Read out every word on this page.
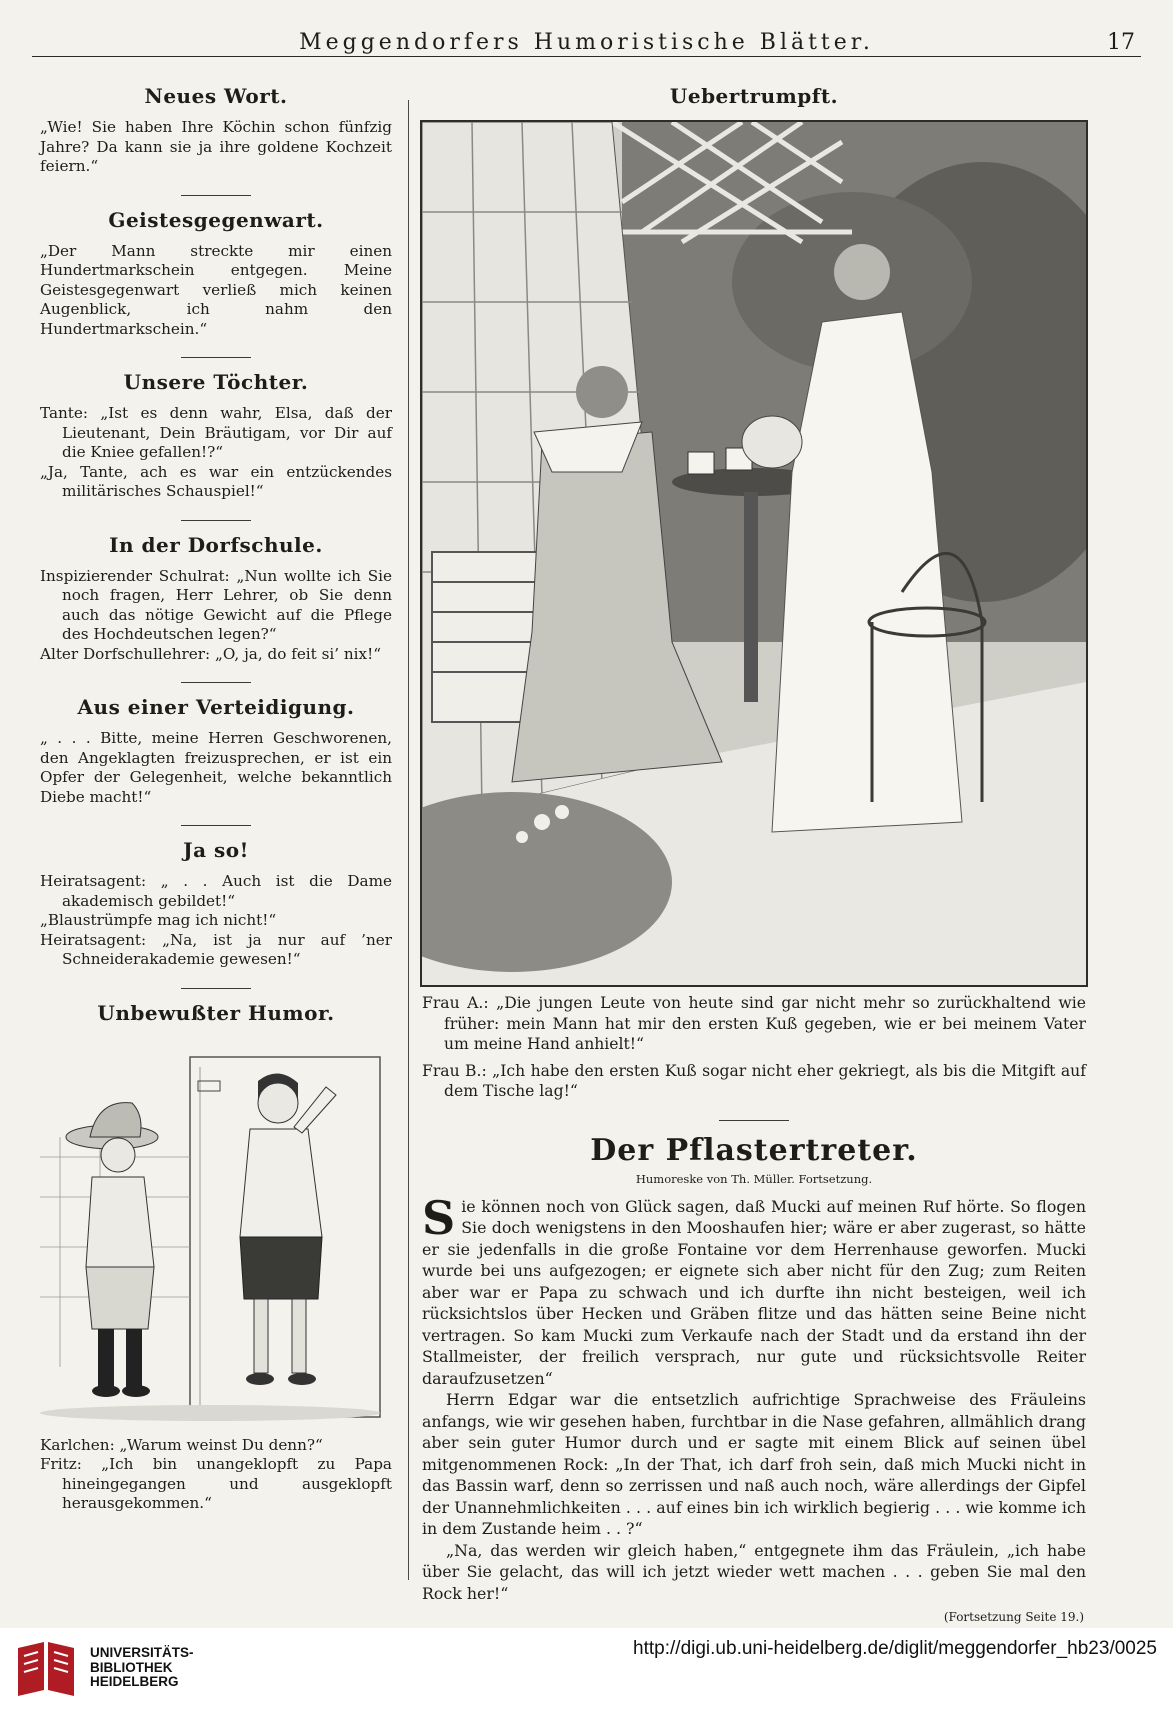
Meggendorfers Humoristische Blätter.	17
Neues Wort.

„Wie! Sie haben Ihre Köchin schon fünfzig Jahre? Da kann sie ja ihre goldene Kochzeit feiern.“

Geistesgegenwart.

„Der Mann streckte mir einen Hundertmarkschein entgegen. Meine Geistesgegenwart verließ mich keinen Augenblick, ich nahm den Hundertmarkschein.“

Unsere Töchter.

Tante: „Ist es denn wahr, Elsa, daß der Lieutenant, Dein Bräutigam, vor Dir auf die Kniee gefallen!?“

„Ja, Tante, ach es war ein entzückendes militärisches Schauspiel!“

In der Dorfschule.

Inspizierender Schulrat: „Nun wollte ich Sie noch fragen, Herr Lehrer, ob Sie denn auch das nötige Gewicht auf die Pflege des Hochdeutschen legen?“

Alter Dorfschullehrer: „O, ja, do feit si’ nix!“

Aus einer Verteidigung.

„ . . . Bitte, meine Herren Geschworenen, den Angeklagten freizusprechen, er ist ein Opfer der Gelegenheit, welche bekanntlich Diebe macht!“

Ja so!

Heiratsagent: „ . . Auch ist die Dame akademisch gebildet!“

„Blaustrümpfe mag ich nicht!“

Heiratsagent: „Na, ist ja nur auf ’ner Schneiderakademie gewesen!“

Unbewußter Humor.

Karlchen: „Warum weinst Du denn?“

Fritz: „Ich bin unangeklopft zu Papa hineingegangen und ausgeklopft herausgekommen.“

Uebertrumpft.

Frau A.: „Die jungen Leute von heute sind gar nicht mehr so zurückhaltend wie früher: mein Mann hat mir den ersten Kuß gegeben, wie er bei meinem Vater um meine Hand anhielt!“

Frau B.: „Ich habe den ersten Kuß sogar nicht eher gekriegt, als bis die Mitgift auf dem Tische lag!“

Der Pflastertreter.
Humoreske von Th. Müller. Fortsetzung.

Sie können noch von Glück sagen, daß Mucki auf meinen Ruf hörte. So flogen Sie doch wenigstens in den Mooshaufen hier; wäre er aber zugerast, so hätte er sie jedenfalls in die große Fontaine vor dem Herrenhause geworfen. Mucki wurde bei uns aufgezogen; er eignete sich aber nicht für den Zug; zum Reiten aber war er Papa zu schwach und ich durfte ihn nicht besteigen, weil ich rücksichtslos über Hecken und Gräben flitze und das hätten seine Beine nicht vertragen. So kam Mucki zum Verkaufe nach der Stadt und da erstand ihn der Stallmeister, der freilich versprach, nur gute und rücksichtsvolle Reiter daraufzusetzen“

Herrn Edgar war die entsetzlich aufrichtige Sprachweise des Fräuleins anfangs, wie wir gesehen haben, furchtbar in die Nase gefahren, allmählich drang aber sein guter Humor durch und er sagte mit einem Blick auf seinen übel mitgenommenen Rock: „In der That, ich darf froh sein, daß mich Mucki nicht in das Bassin warf, denn so zerrissen und naß auch noch, wäre allerdings der Gipfel der Unannehmlichkeiten . . . auf eines bin ich wirklich begierig . . . wie komme ich in dem Zustande heim . . ?“

„Na, das werden wir gleich haben,“ entgegnete ihm das Fräulein, „ich habe über Sie gelacht, das will ich jetzt wieder wett machen . . . geben Sie mal den Rock her!“

(Fortsetzung Seite 19.)
UNIVERSITÄTS-
BIBLIOTHEK
HEIDELBERG
http://digi.ub.uni-heidelberg.de/diglit/meggendorfer_hb23/0025
